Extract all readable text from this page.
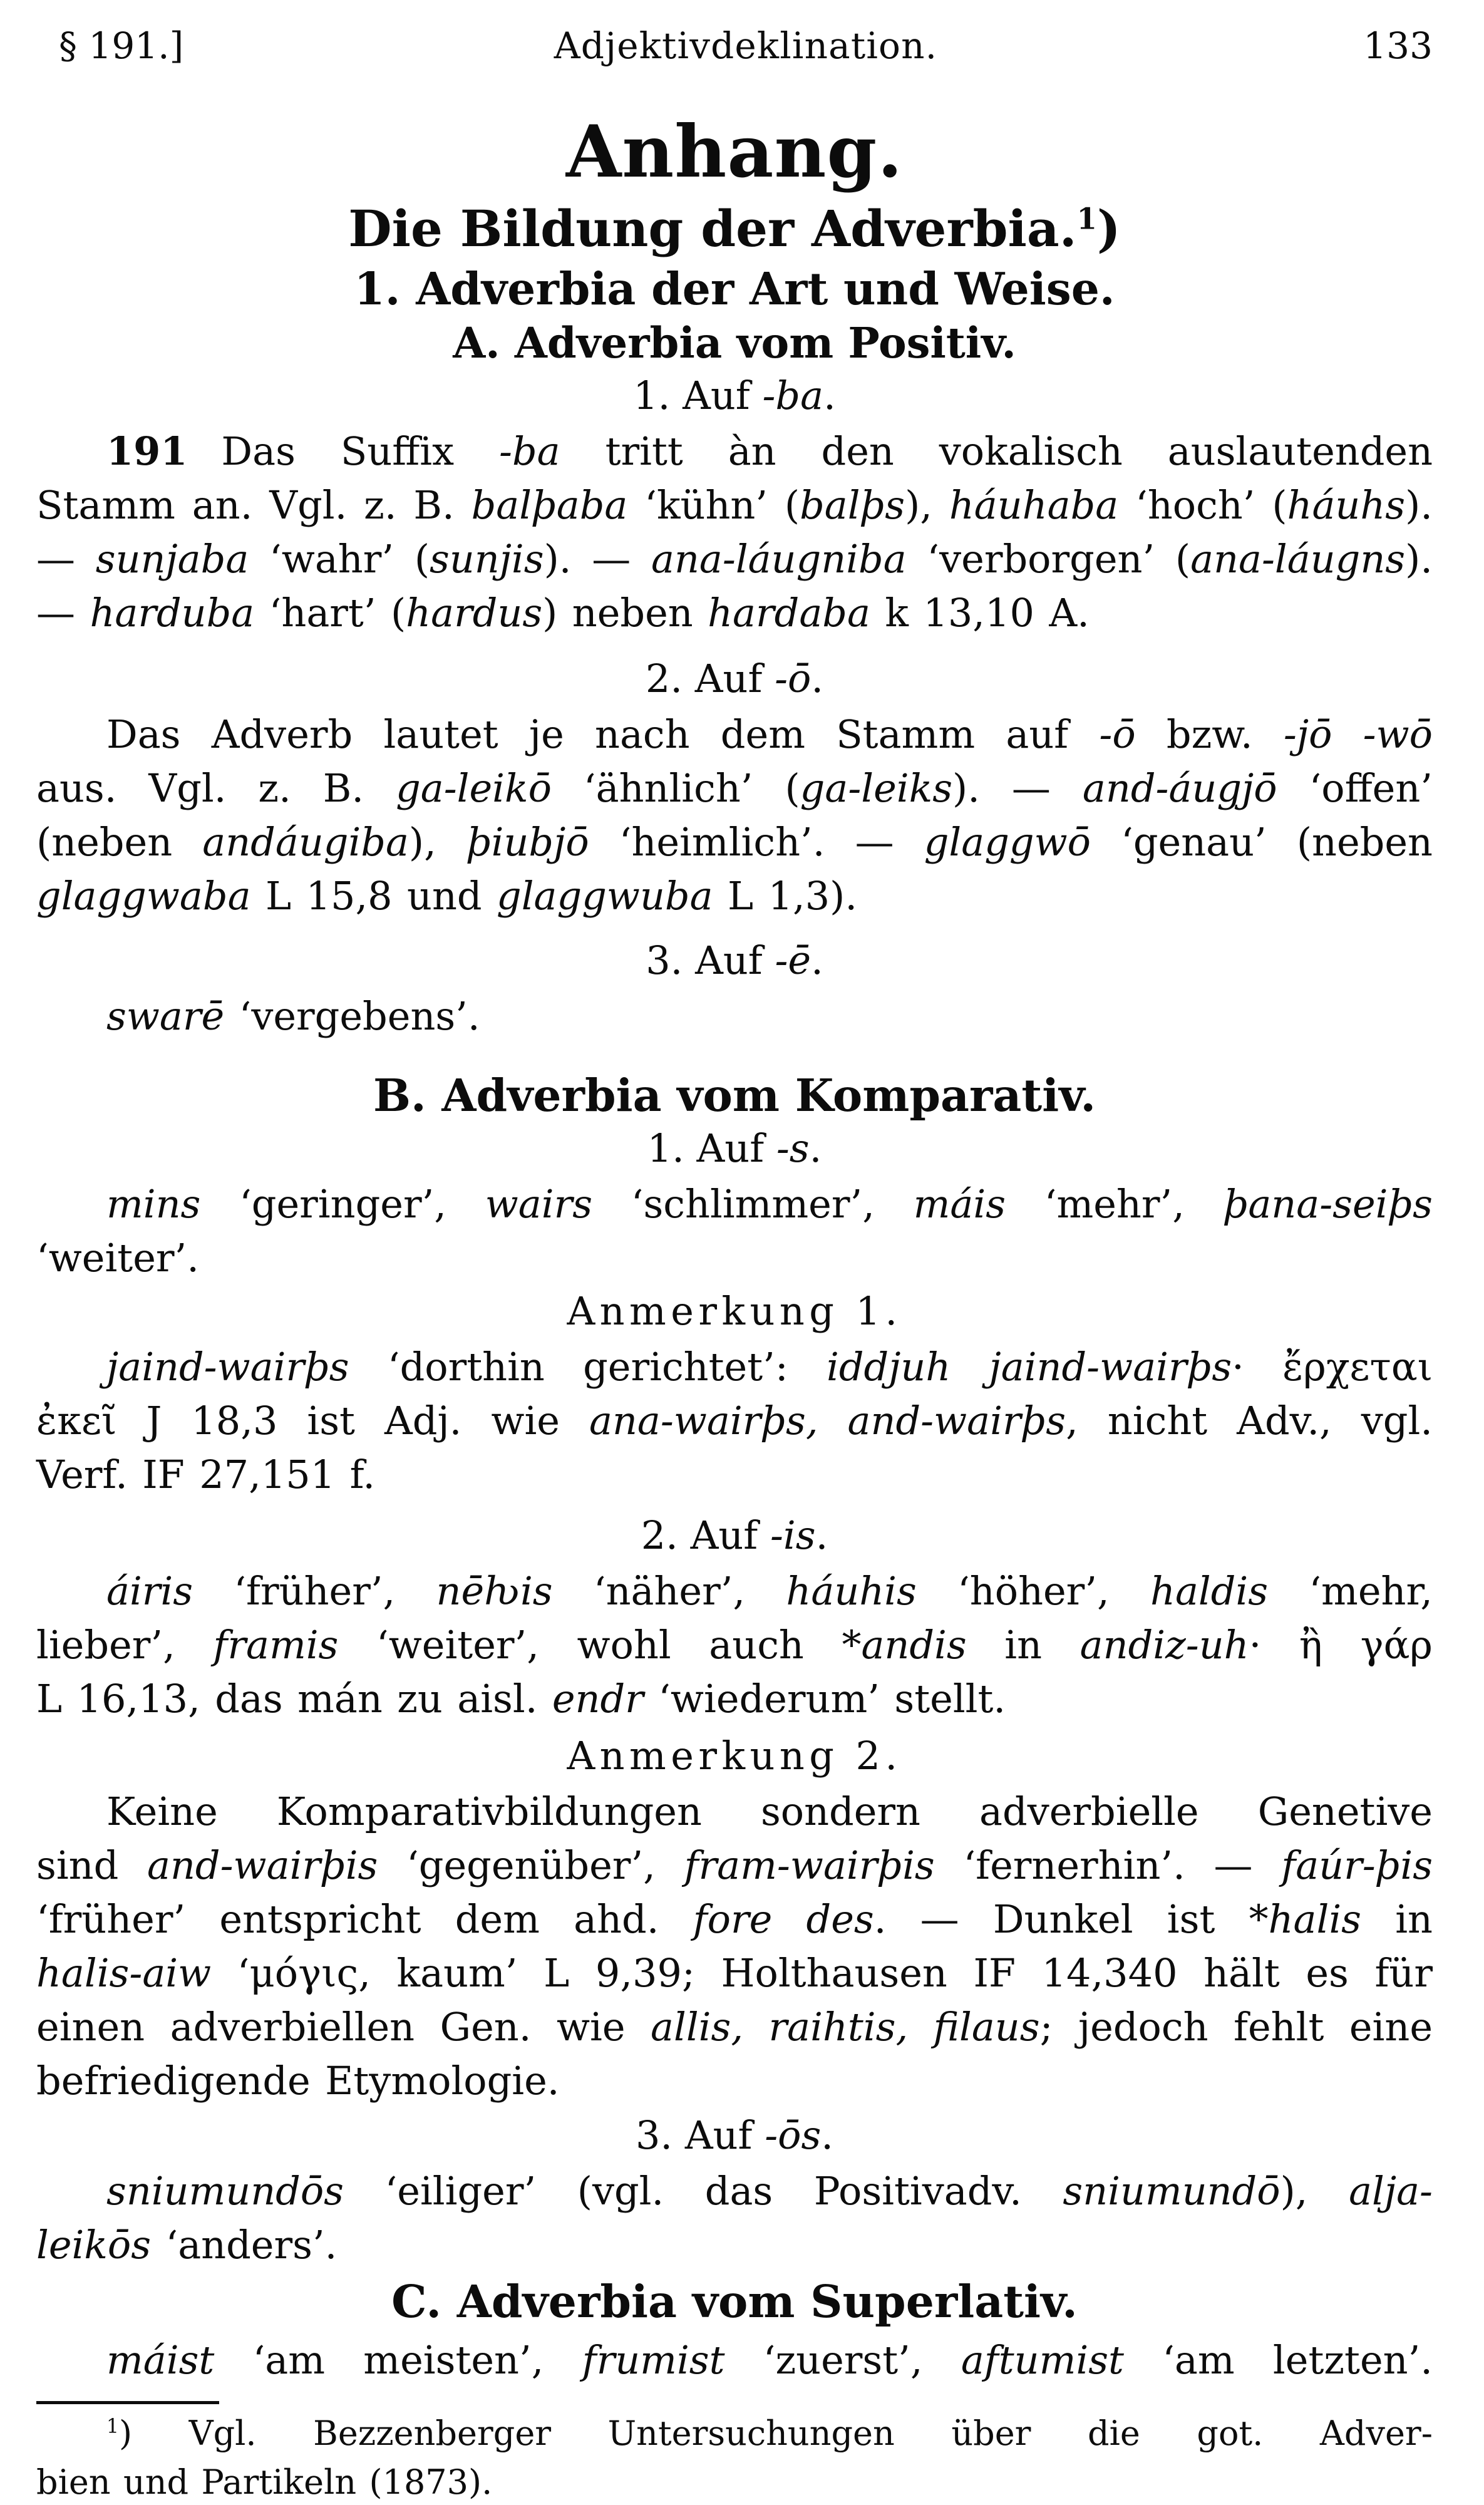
§ 191.]	Adjektivdeklination.	133
Anhang.
Die Bildung der Adverbia.$^1$)
1. Adverbia der Art und Weise.
A. Adverbia vom Positiv.
1. Auf -ba.
191 Das Suffix -ba tritt àn den vokalisch auslautenden
Stamm an. Vgl. z. B. balþaba ‘kühn’ (balþs), háuhaba ‘hoch’ (háuhs).
— sunjaba ‘wahr’ (sunjis). — ana-láugniba ‘verborgen’ (ana-láugns).
— harduba ‘hart’ (hardus) neben hardaba k 13,10 A.
2. Auf -ō.
Das Adverb lautet je nach dem Stamm auf -ō bzw. -jō -wō
aus. Vgl. z. B. ga-leikō ‘ähnlich’ (ga-leiks). — and-áugjō ‘offen’
(neben andáugiba), þiubjō ‘heimlich’. — glaggwō ‘genau’ (neben
glaggwaba L 15,8 und glaggwuba L 1,3).
3. Auf -ē.
swarē ‘vergebens’.
B. Adverbia vom Komparativ.
1. Auf -s.
mins ‘geringer’, wairs ‘schlimmer’, máis ‘mehr’, þana-seiþs
‘weiter’.
Anmerkung 1.
jaind-wairþs ‘dorthin gerichtet’: iddjuh jaind-wairþs· ἔρχεται
ἐκεῖ J 18,3 ist Adj. wie ana-wairþs, and-wairþs, nicht Adv., vgl.
Verf. IF 27,151 f.
2. Auf -is.
áiris ‘früher’, nēƕis ‘näher’, háuhis ‘höher’, haldis ‘mehr,
lieber’, framis ‘weiter’, wohl auch *andis in andiz-uh· ἢ γάρ
L 16,13, das mán zu aisl. endr ‘wiederum’ stellt.
Anmerkung 2.
Keine Komparativbildungen sondern adverbielle Genetive
sind and-wairþis ‘gegenüber’, fram-wairþis ‘fernerhin’. — faúr-þis
‘früher’ entspricht dem ahd. fore des. — Dunkel ist *halis in
halis-aiw ‘μόγις, kaum’ L 9,39; Holthausen IF 14,340 hält es für
einen adverbiellen Gen. wie allis, raihtis, filaus; jedoch fehlt eine
befriedigende Etymologie.
3. Auf -ōs.
sniumundōs ‘eiliger’ (vgl. das Positivadv. sniumundō), alja-
leikōs ‘anders’.
C. Adverbia vom Superlativ.
máist ‘am meisten’, frumist ‘zuerst’, aftumist ‘am letzten’.
$^1$) Vgl. Bezzenberger Untersuchungen über die got. Adver-
bien und Partikeln (1873).
